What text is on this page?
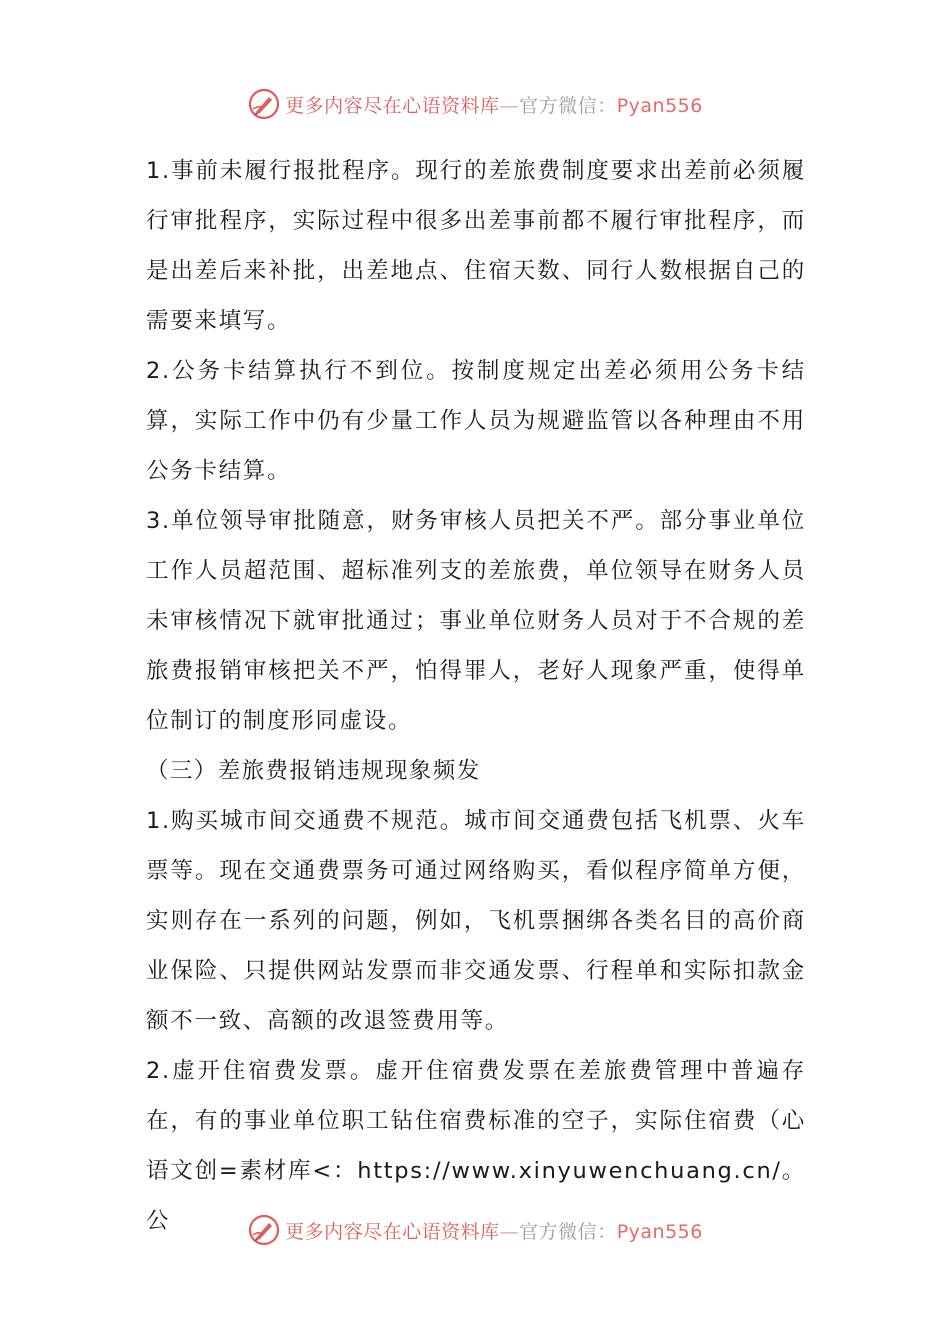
更多内容尽在心语资料库—官方微信：Pyan556

1.事前未履行报批程序。现行的差旅费制度要求出差前必须履行审批程序，实际过程中很多出差事前都不履行审批程序，而是出差后来补批，出差地点、住宿天数、同行人数根据自己的需要来填写。

2.公务卡结算执行不到位。按制度规定出差必须用公务卡结算，实际工作中仍有少量工作人员为规避监管以各种理由不用公务卡结算。

3.单位领导审批随意，财务审核人员把关不严。部分事业单位工作人员超范围、超标准列支的差旅费，单位领导在财务人员未审核情况下就审批通过；事业单位财务人员对于不合规的差旅费报销审核把关不严，怕得罪人，老好人现象严重，使得单位制订的制度形同虚设。

（三）差旅费报销违规现象频发

1.购买城市间交通费不规范。城市间交通费包括飞机票、火车票等。现在交通费票务可通过网络购买，看似程序简单方便，实则存在一系列的问题，例如，飞机票捆绑各类名目的高价商业保险、只提供网站发票而非交通发票、行程单和实际扣款金额不一致、高额的改退签费用等。

2.虚开住宿费发票。虚开住宿费发票在差旅费管理中普遍存在，有的事业单位职工钻住宿费标准的空子，实际住宿费（心语文创=素材库<：https://www.xinyuwenchuang.cn/。公	更多内容尽在心语资料库—官方微信：Pyan556
